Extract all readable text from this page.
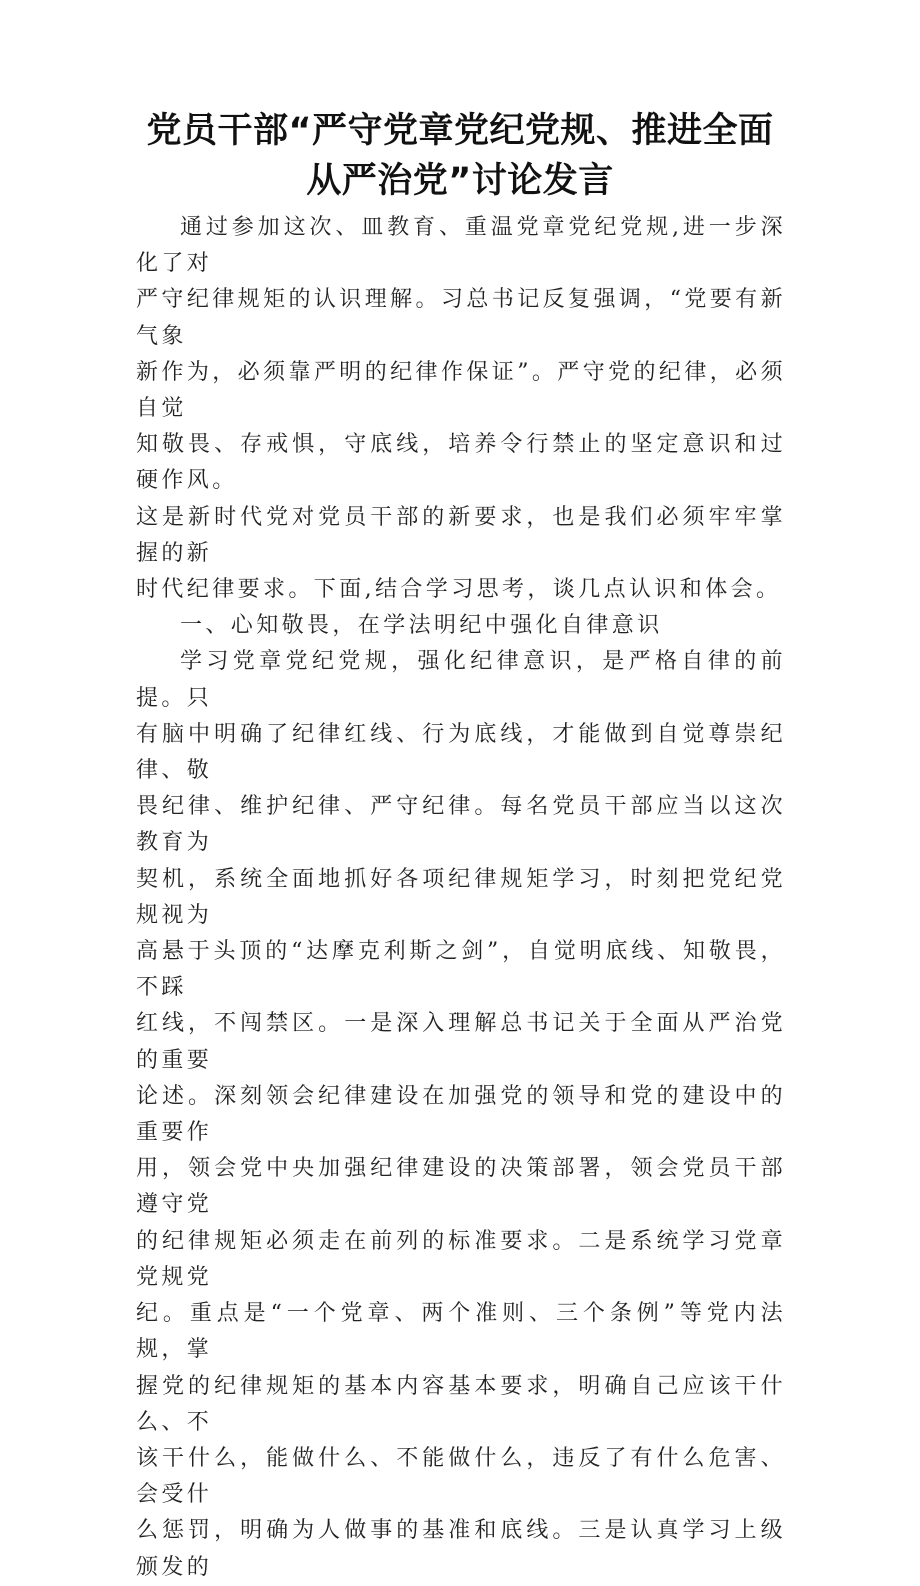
党员干部“严守党章党纪党规、推进全面从严治党”讨论发言

通过参加这次、皿教育、重温党章党纪党规,进一步深化了对
严守纪律规矩的认识理解。习总书记反复强调，“党要有新气象
新作为，必须靠严明的纪律作保证”。严守党的纪律，必须自觉
知敬畏、存戒惧，守底线，培养令行禁止的坚定意识和过硬作风。
这是新时代党对党员干部的新要求，也是我们必须牢牢掌握的新
时代纪律要求。下面,结合学习思考，谈几点认识和体会。

一、心知敬畏，在学法明纪中强化自律意识

学习党章党纪党规，强化纪律意识，是严格自律的前提。只
有脑中明确了纪律红线、行为底线，才能做到自觉尊崇纪律、敬
畏纪律、维护纪律、严守纪律。每名党员干部应当以这次教育为
契机，系统全面地抓好各项纪律规矩学习，时刻把党纪党规视为
高悬于头顶的“达摩克利斯之剑”，自觉明底线、知敬畏，不踩
红线，不闯禁区。一是深入理解总书记关于全面从严治党的重要
论述。深刻领会纪律建设在加强党的领导和党的建设中的重要作
用，领会党中央加强纪律建设的决策部署，领会党员干部遵守党
的纪律规矩必须走在前列的标准要求。二是系统学习党章党规党
纪。重点是“一个党章、两个准则、三个条例”等党内法规，掌
握党的纪律规矩的基本内容基本要求，明确自己应该干什么、不
该干什么，能做什么、不能做什么，违反了有什么危害、会受什
么惩罚，明确为人做事的基准和底线。三是认真学习上级颁发的
